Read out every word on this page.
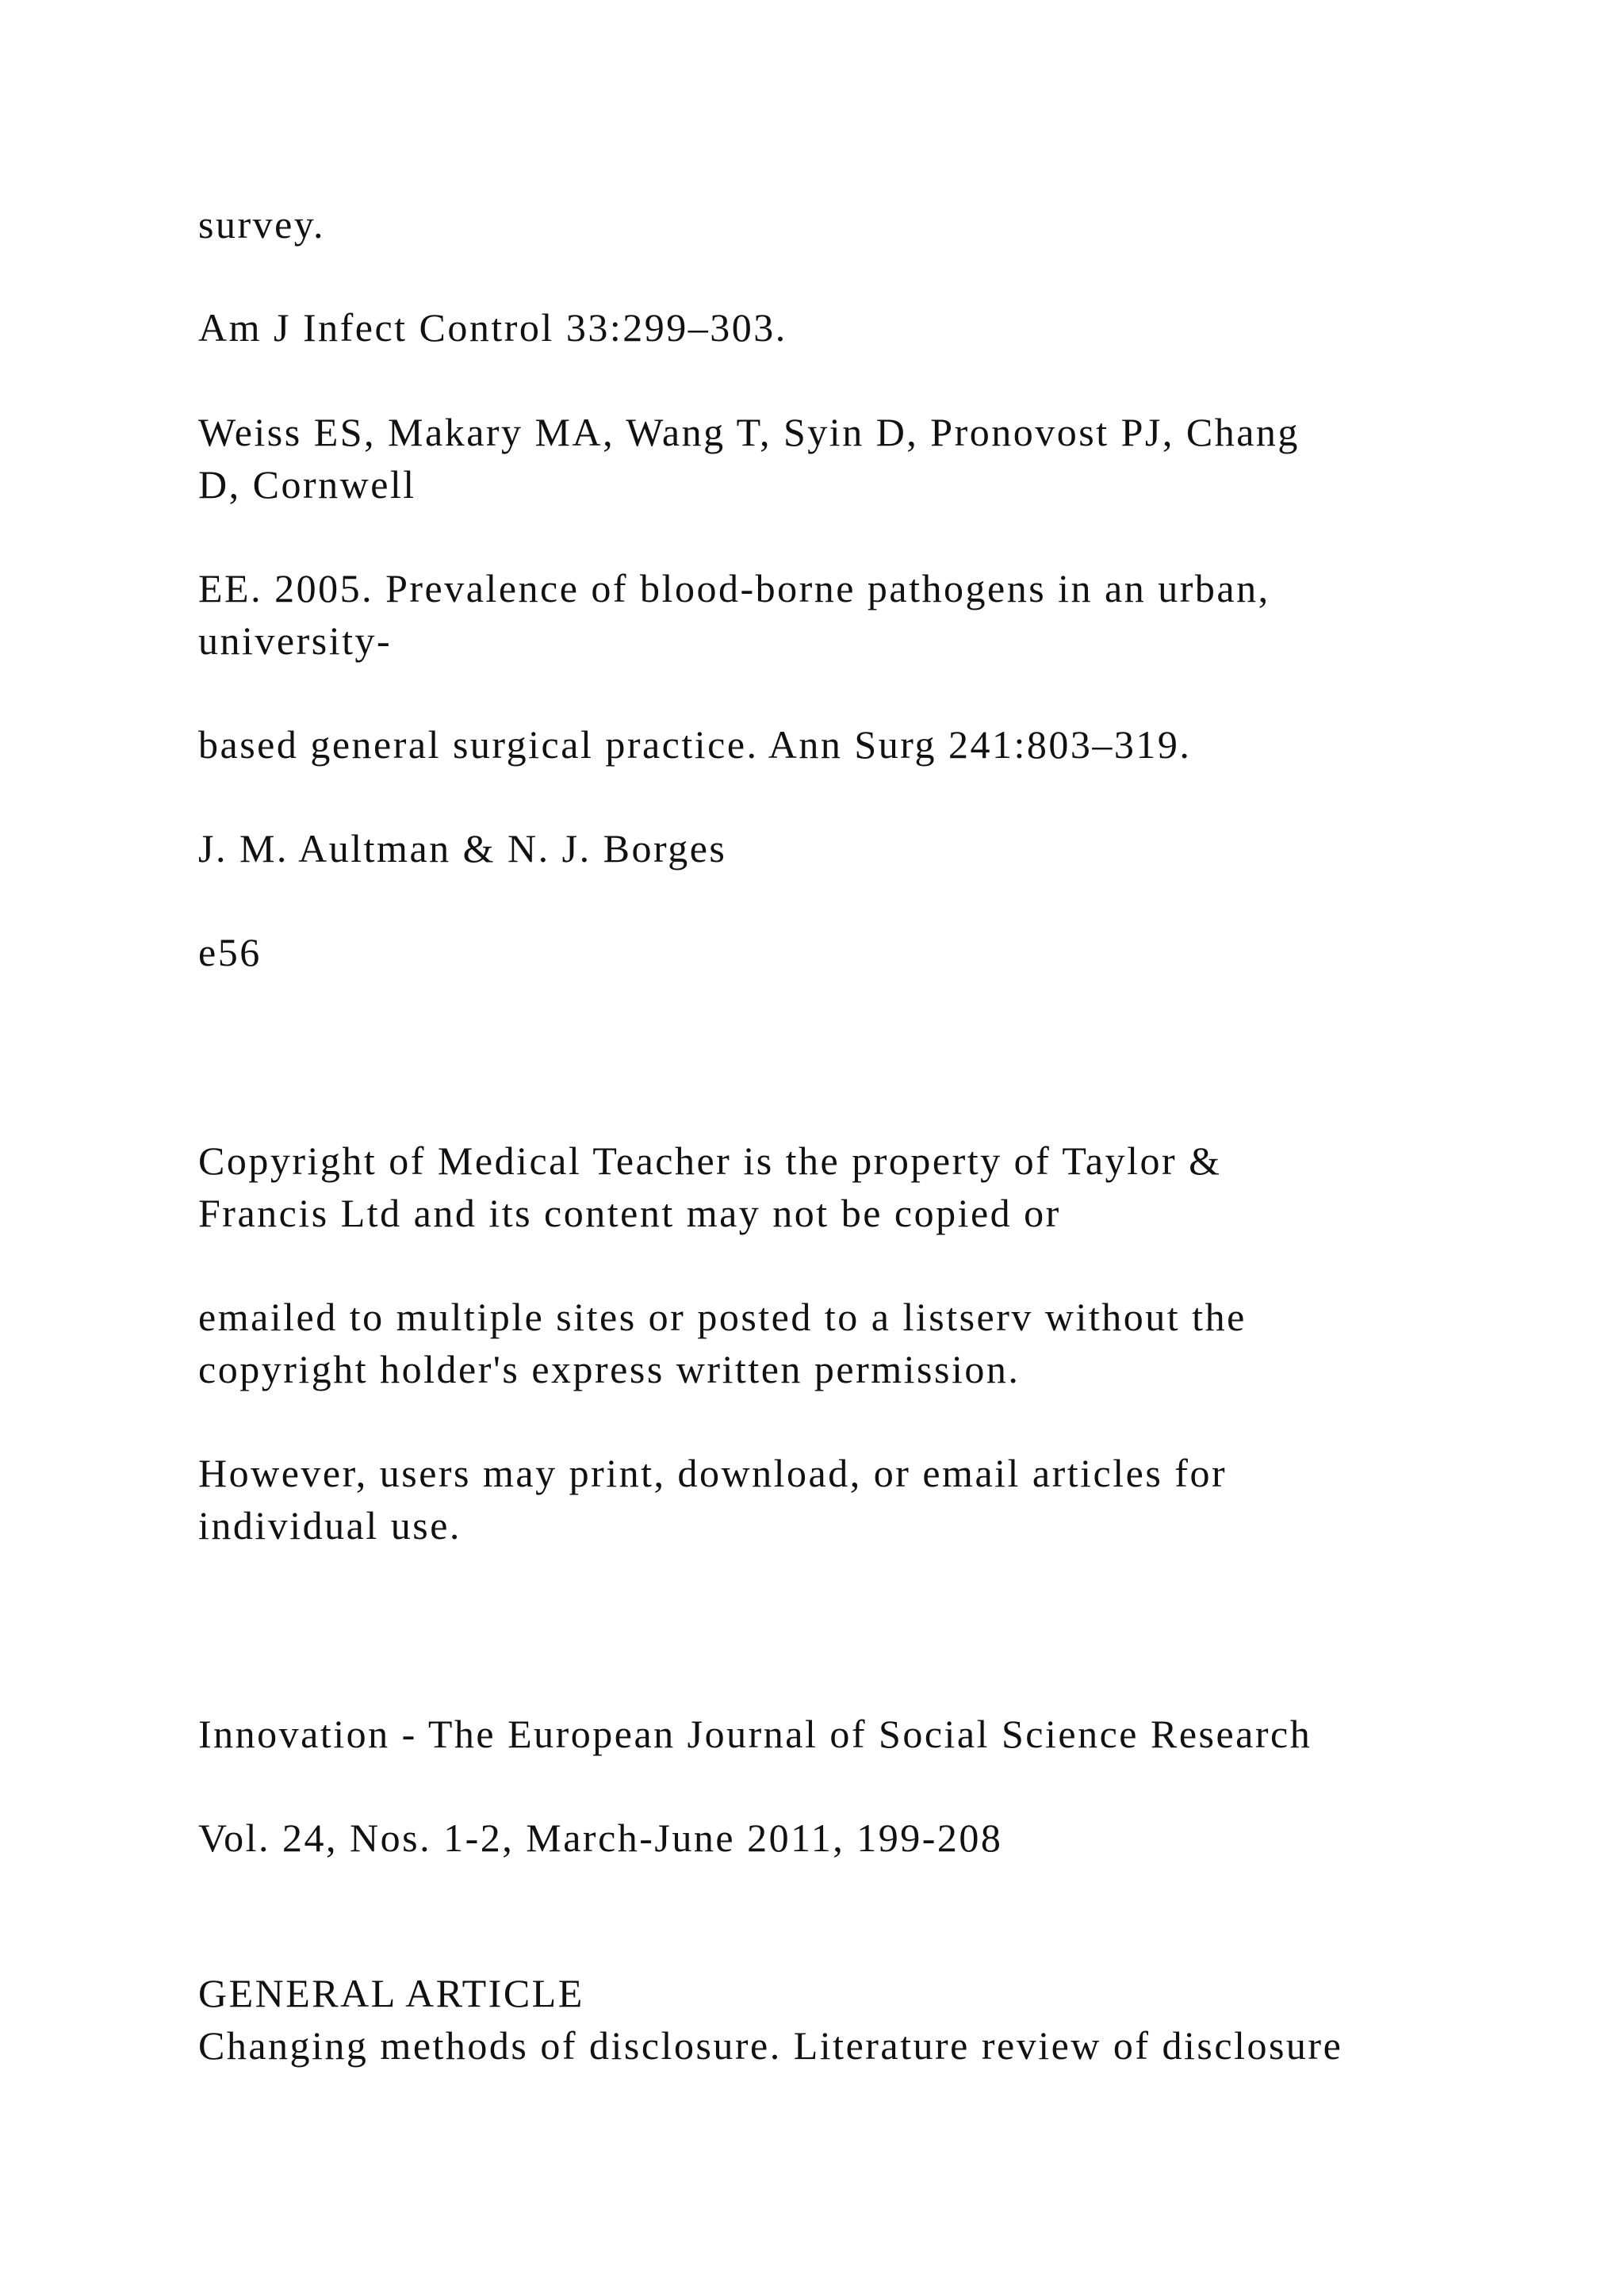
survey.

Am J Infect Control 33:299–303.

Weiss ES, Makary MA, Wang T, Syin D, Pronovost PJ, Chang

D, Cornwell

EE. 2005. Prevalence of blood-borne pathogens in an urban,

university-

based general surgical practice. Ann Surg 241:803–319.

J. M. Aultman & N. J. Borges

e56

Copyright of Medical Teacher is the property of Taylor &

Francis Ltd and its content may not be copied or

emailed to multiple sites or posted to a listserv without the

copyright holder's express written permission.

However, users may print, download, or email articles for

individual use.

Innovation - The European Journal of Social Science Research

Vol. 24, Nos. 1-2, March-June 2011, 199-208

GENERAL ARTICLE

Changing methods of disclosure. Literature review of disclosure
